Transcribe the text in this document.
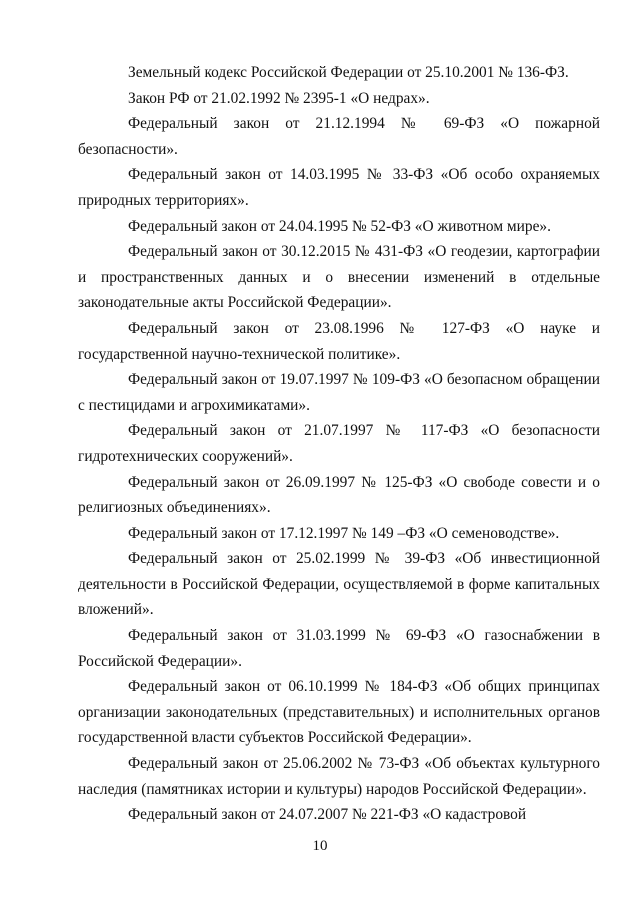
Земельный кодекс Российской Федерации от 25.10.2001 № 136-ФЗ.

Закон РФ от 21.02.1992 № 2395-1 «О недрах».

Федеральный закон от 21.12.1994 № 69-ФЗ «О пожарной безопасности».

Федеральный закон от 14.03.1995 № 33-ФЗ «Об особо охраняемых природных территориях».

Федеральный закон от 24.04.1995 № 52-ФЗ «О животном мире».

Федеральный закон от 30.12.2015 № 431-ФЗ «О геодезии, картографии и пространственных данных и о внесении изменений в отдельные законодательные акты Российской Федерации».

Федеральный закон от 23.08.1996 № 127-ФЗ «О науке и государственной научно-технической политике».

Федеральный закон от 19.07.1997 № 109-ФЗ «О безопасном обращении с пестицидами и агрохимикатами».

Федеральный закон от 21.07.1997 № 117-ФЗ «О безопасности гидротехнических сооружений».

Федеральный закон от 26.09.1997 № 125-ФЗ «О свободе совести и о религиозных объединениях».

Федеральный закон от 17.12.1997 № 149 –ФЗ «О семеноводстве».

Федеральный закон от 25.02.1999 № 39-ФЗ «Об инвестиционной деятельности в Российской Федерации, осуществляемой в форме капитальных вложений».

Федеральный закон от 31.03.1999 № 69-ФЗ «О газоснабжении в Российской Федерации».

Федеральный закон от 06.10.1999 № 184-ФЗ «Об общих принципах организации законодательных (представительных) и исполнительных органов государственной власти субъектов Российской Федерации».

Федеральный закон от 25.06.2002 № 73-ФЗ «Об объектах культурного наследия (памятниках истории и культуры) народов Российской Федерации».

Федеральный закон от 24.07.2007 № 221-ФЗ «О кадастровой

10
